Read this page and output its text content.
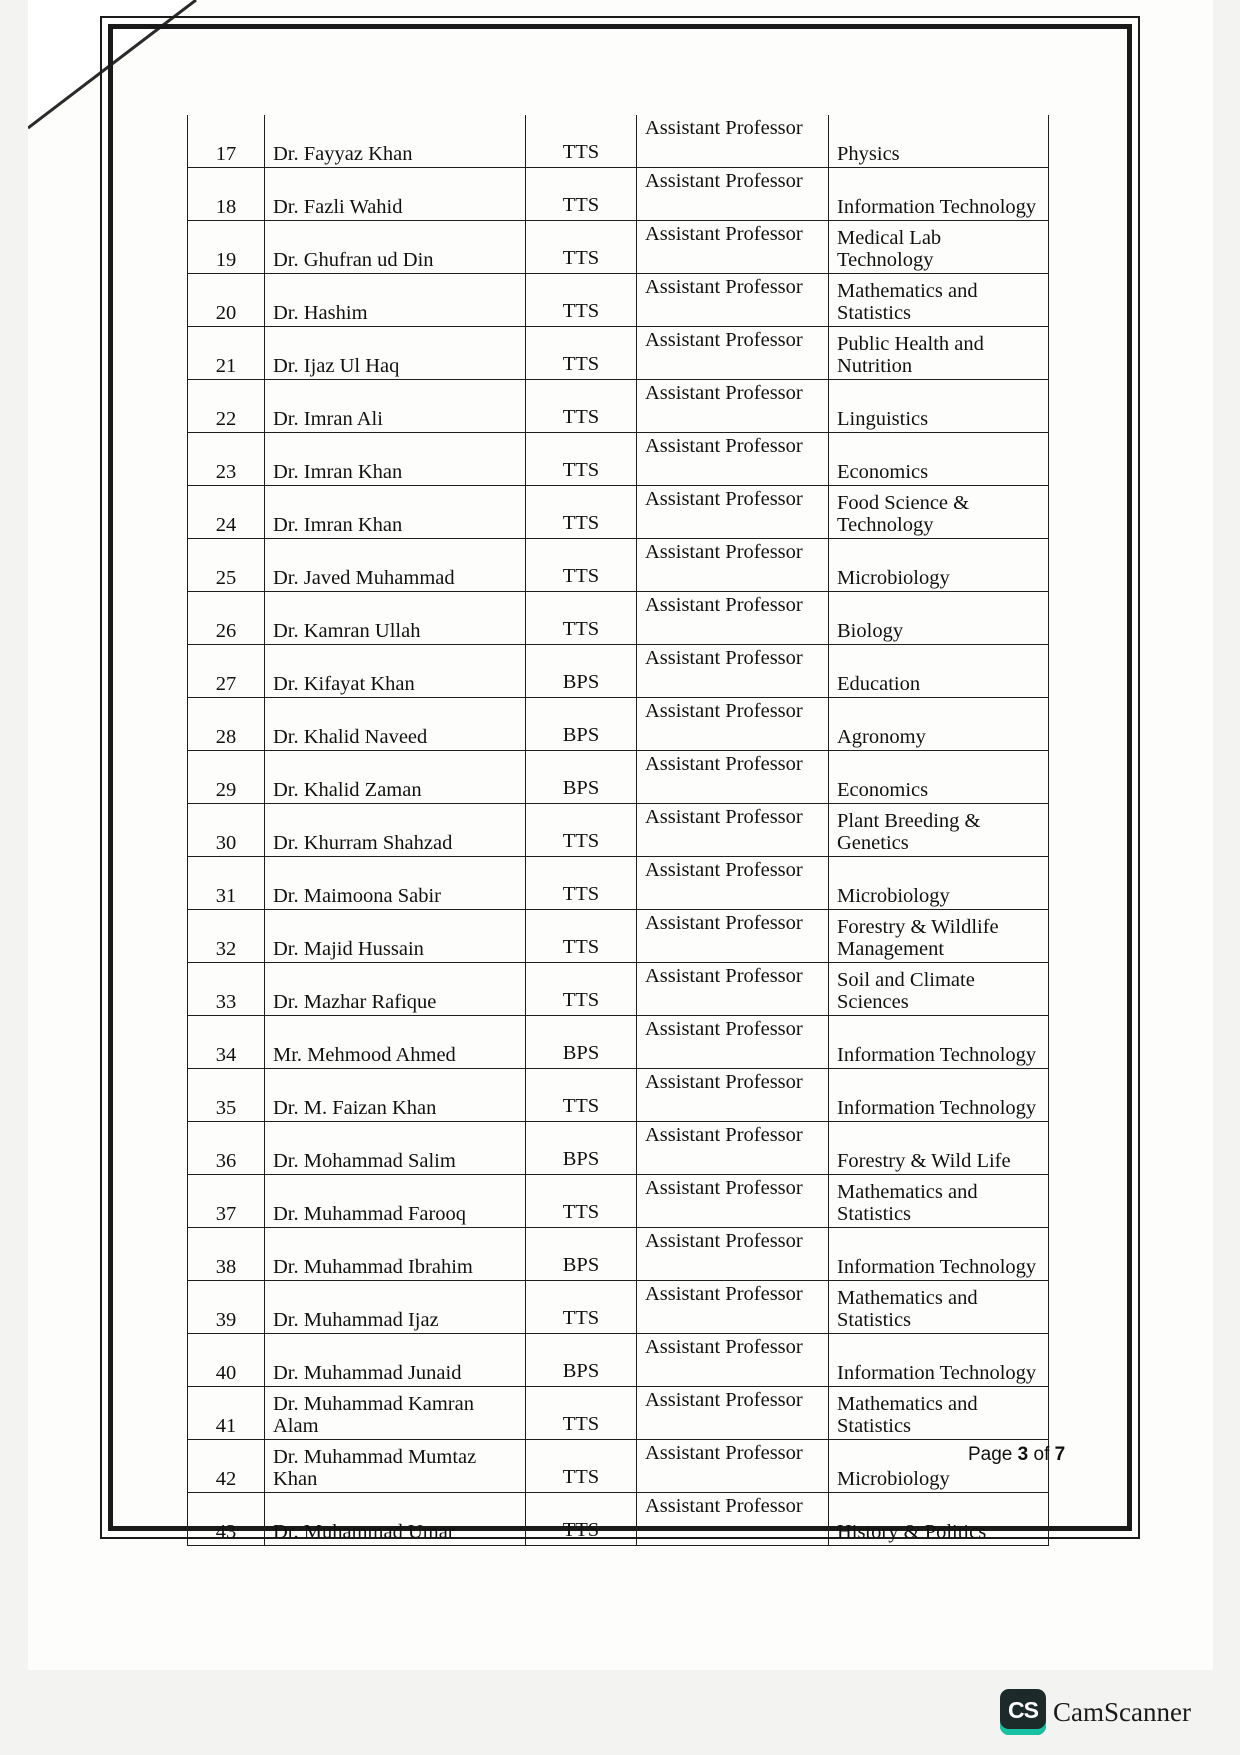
17	Dr. Fayyaz Khan	TTS	Assistant Professor	Physics
18	Dr. Fazli Wahid	TTS	Assistant Professor	Information Technology
19	Dr. Ghufran ud Din	TTS	Assistant Professor	Medical Lab Technology
20	Dr. Hashim	TTS	Assistant Professor	Mathematics and Statistics
21	Dr. Ijaz Ul Haq	TTS	Assistant Professor	Public Health and Nutrition
22	Dr. Imran Ali	TTS	Assistant Professor	Linguistics
23	Dr. Imran Khan	TTS	Assistant Professor	Economics
24	Dr. Imran Khan	TTS	Assistant Professor	Food Science & Technology
25	Dr. Javed Muhammad	TTS	Assistant Professor	Microbiology
26	Dr. Kamran Ullah	TTS	Assistant Professor	Biology
27	Dr. Kifayat Khan	BPS	Assistant Professor	Education
28	Dr. Khalid Naveed	BPS	Assistant Professor	Agronomy
29	Dr. Khalid Zaman	BPS	Assistant Professor	Economics
30	Dr. Khurram Shahzad	TTS	Assistant Professor	Plant Breeding & Genetics
31	Dr. Maimoona Sabir	TTS	Assistant Professor	Microbiology
32	Dr. Majid Hussain	TTS	Assistant Professor	Forestry & Wildlife Management
33	Dr. Mazhar Rafique	TTS	Assistant Professor	Soil and Climate Sciences
34	Mr. Mehmood Ahmed	BPS	Assistant Professor	Information Technology
35	Dr. M. Faizan Khan	TTS	Assistant Professor	Information Technology
36	Dr. Mohammad Salim	BPS	Assistant Professor	Forestry & Wild Life
37	Dr. Muhammad Farooq	TTS	Assistant Professor	Mathematics and Statistics
38	Dr. Muhammad Ibrahim	BPS	Assistant Professor	Information Technology
39	Dr. Muhammad Ijaz	TTS	Assistant Professor	Mathematics and Statistics
40	Dr. Muhammad Junaid	BPS	Assistant Professor	Information Technology
41	Dr. Muhammad Kamran Alam	TTS	Assistant Professor	Mathematics and Statistics
42	Dr. Muhammad Mumtaz Khan	TTS	Assistant Professor	Microbiology
43	Dr. Muhammad Umar	TTS	Assistant Professor	History & Politics
Page 3 of 7
CS CamScanner
